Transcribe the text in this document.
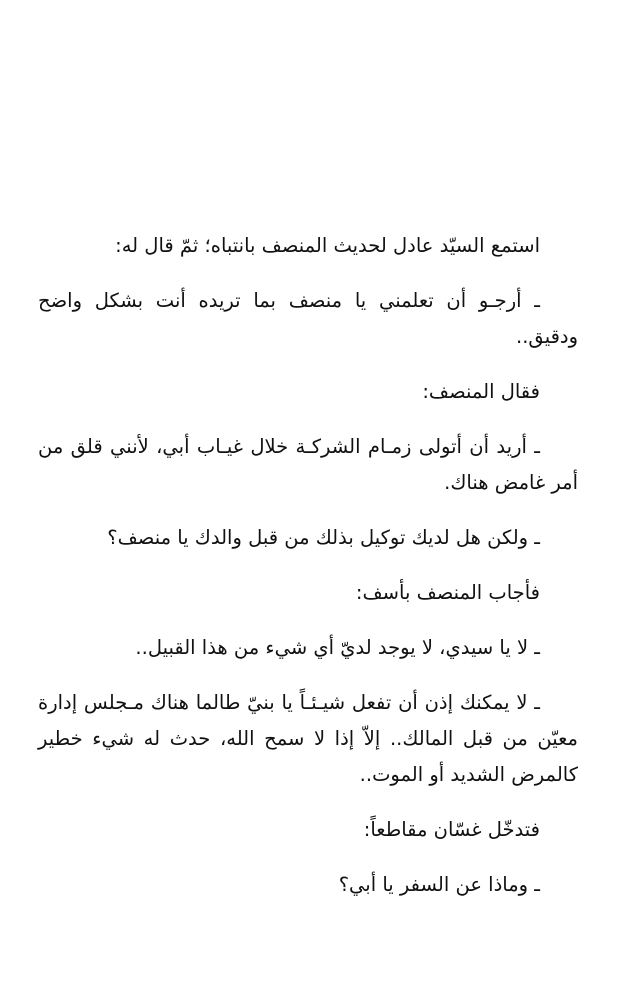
استمع السيّد عادل لحديث المنصف بانتباه؛ ثمّ قال له:

ـ أرجـو أن تعلمني يا منصف بما تريده أنت بشكل واضح ودقيق..

فقال المنصف:

ـ أريد أن أتولى زمـام الشركـة خلال غيـاب أبي، لأنني قلق من أمر غامض هناك.

ـ ولكن هل لديك توكيل بذلك من قبل والدك يا منصف؟

فأجاب المنصف بأسف:

ـ لا يا سيدي، لا يوجد لديّ أي شيء من هذا القبيل..

ـ لا يمكنك إذن أن تفعل شيـئـاً يا بنيّ طالما هناك مـجلس إدارة معيّن من قبل المالك.. إلاّ إذا لا سمح الله، حدث له شيء خطير كالمرض الشديد أو الموت..

فتدخّل غسّان مقاطعاً:

ـ وماذا عن السفر يا أبي؟
